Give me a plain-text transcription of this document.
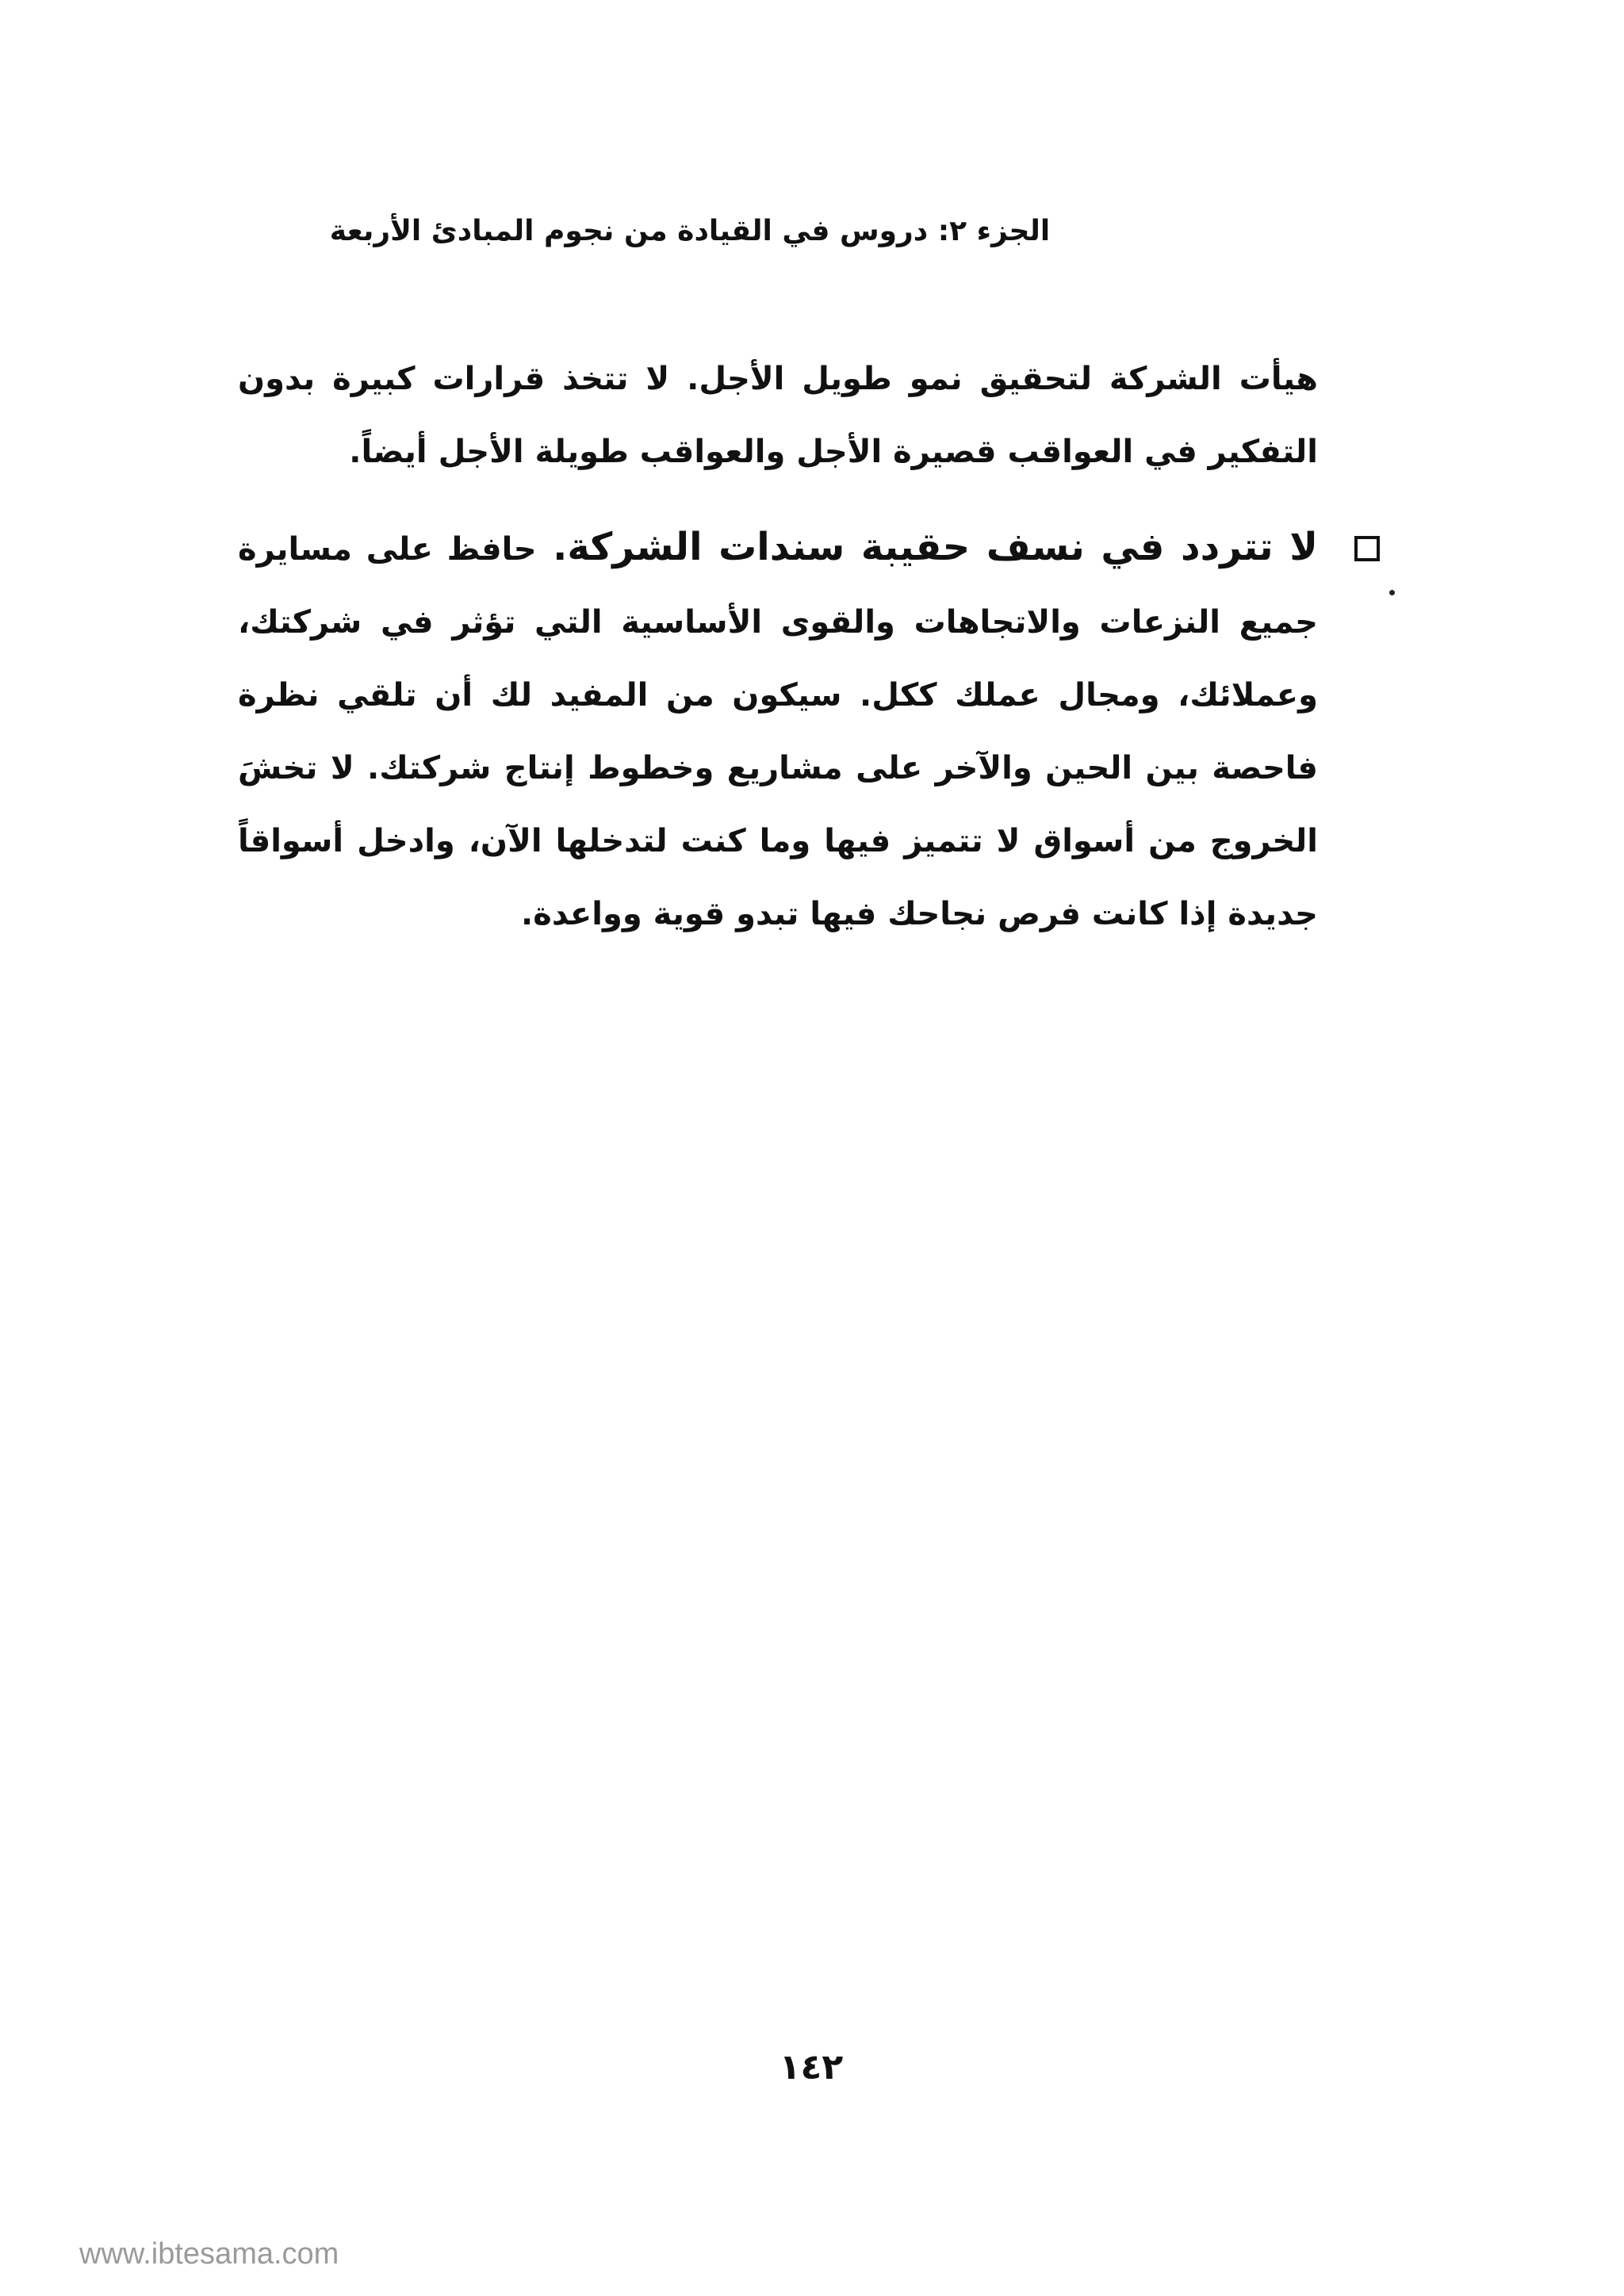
الجزء ٢: دروس في القيادة من نجوم المبادئ الأربعة

هيأت الشركة لتحقيق نمو طويل الأجل. لا تتخذ قرارات كبيرة بدون التفكير في العواقب قصيرة الأجل والعواقب طويلة الأجل أيضاً.

لا تتردد في نسف حقيبة سندات الشركة. حافظ على مسايرة جميع النزعات والاتجاهات والقوى الأساسية التي تؤثر في شركتك، وعملائك، ومجال عملك ككل. سيكون من المفيد لك أن تلقي نظرة فاحصة بين الحين والآخر على مشاريع وخطوط إنتاج شركتك. لا تخشَ الخروج من أسواق لا تتميز فيها وما كنت لتدخلها الآن، وادخل أسواقاً جديدة إذا كانت فرص نجاحك فيها تبدو قوية وواعدة.

١٤٢
www.ibtesama.com
